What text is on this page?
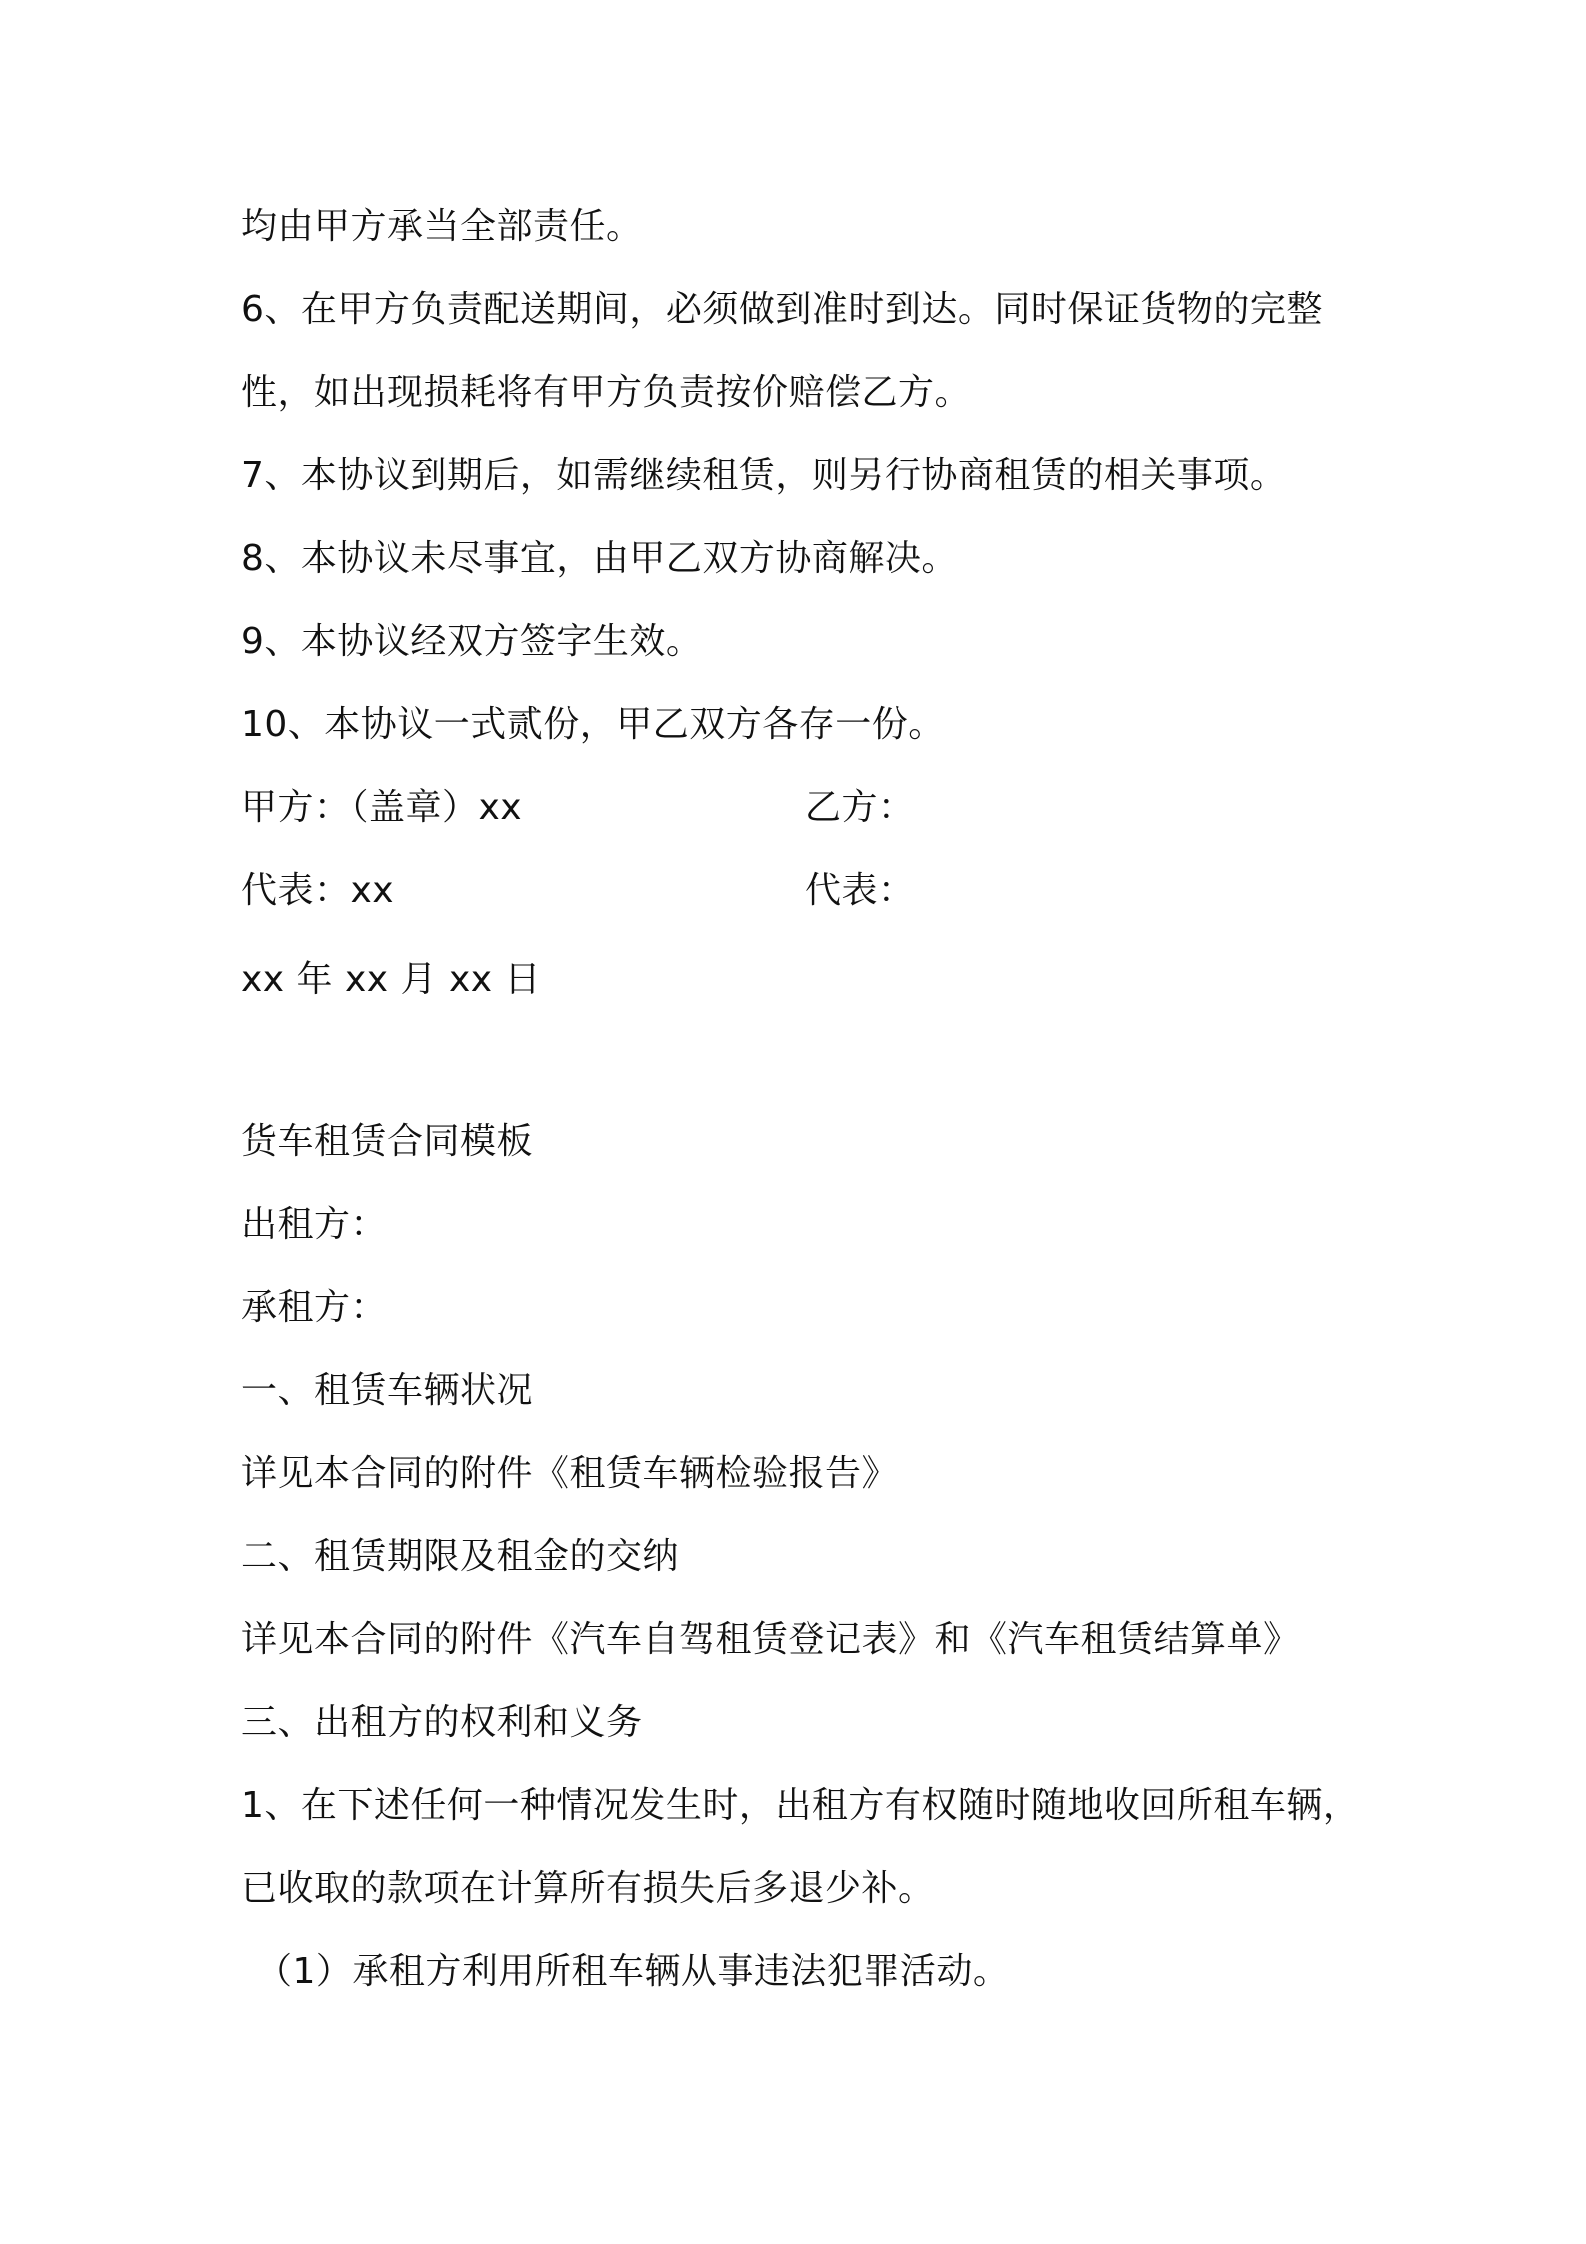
均由甲方承当全部责任。
6、在甲方负责配送期间，必须做到准时到达。同时保证货物的完整
性，如出现损耗将有甲方负责按价赔偿乙方。
7、本协议到期后，如需继续租赁，则另行协商租赁的相关事项。
8、本协议未尽事宜，由甲乙双方协商解决。
9、本协议经双方签字生效。
10、本协议一式贰份，甲乙双方各存一份。
甲方：（盖章）xx	乙方：
代表：xx	代表：
xx 年 xx 月 xx 日
货车租赁合同模板
出租方：
承租方：
一、租赁车辆状况
详见本合同的附件《租赁车辆检验报告》
二、租赁期限及租金的交纳
详见本合同的附件《汽车自驾租赁登记表》和《汽车租赁结算单》
三、出租方的权利和义务
1、在下述任何一种情况发生时，出租方有权随时随地收回所租车辆，
已收取的款项在计算所有损失后多退少补。
（1）承租方利用所租车辆从事违法犯罪活动。
